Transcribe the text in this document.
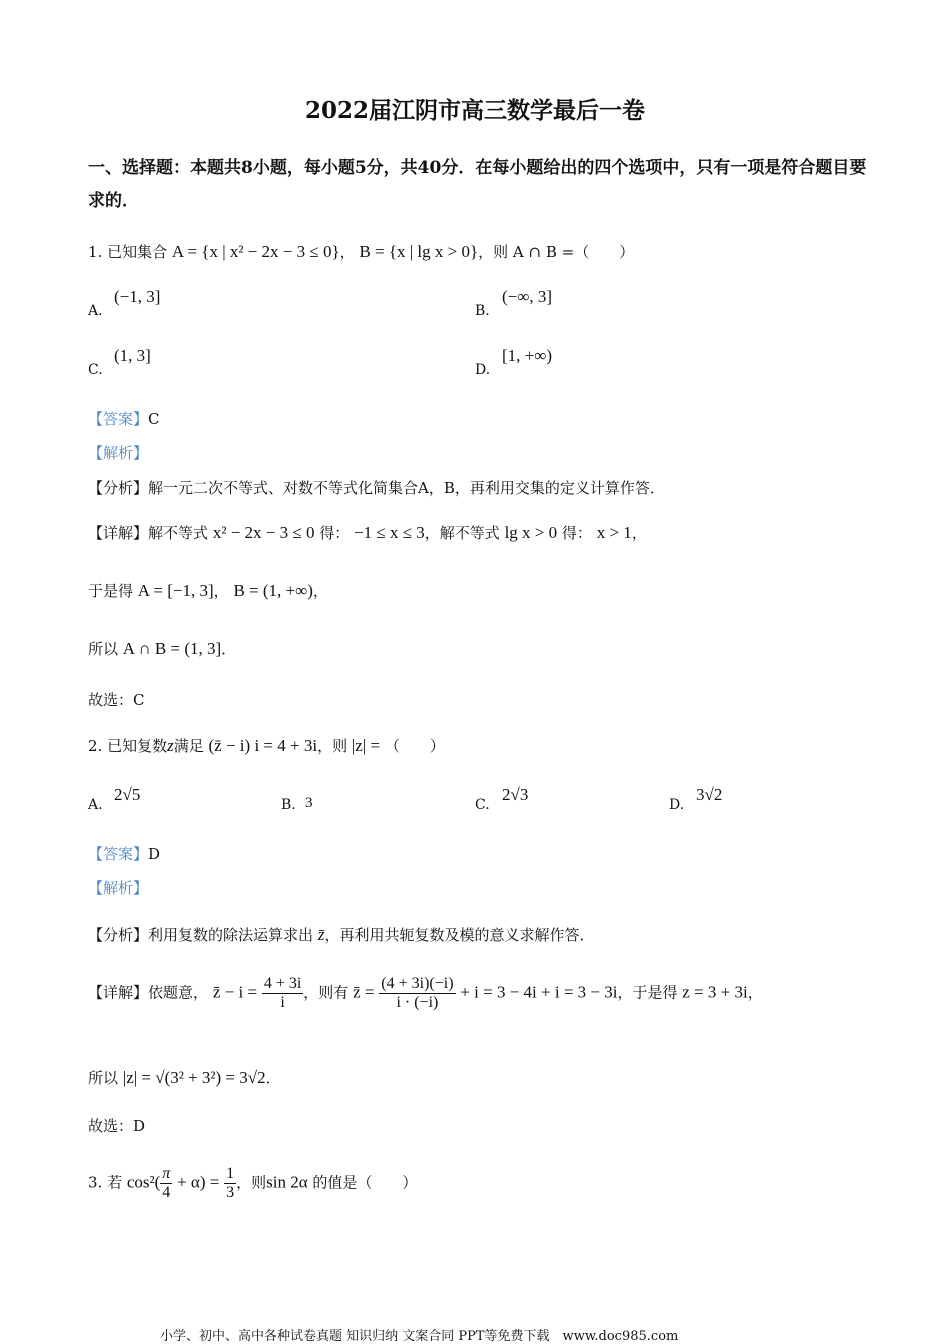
2022届江阴市高三数学最后一卷
一、选择题：本题共8小题，每小题5分，共40分．在每小题给出的四个选项中，只有一项是符合题目要求的．
1. 已知集合 A = {x | x² − 2x − 3 ≤ 0}， B = {x | lg x > 0}，则 A ∩ B =（　　）
A.
(−1, 3]
B.
(−∞, 3]
C.
(1, 3]
D.
[1, +∞)
【答案】C
【解析】
【分析】解一元二次不等式、对数不等式化简集合A，B，再利用交集的定义计算作答．
【详解】解不等式 x² − 2x − 3 ≤ 0 得： −1 ≤ x ≤ 3，解不等式 lg x > 0 得： x > 1，
于是得 A = [−1, 3]， B = (1, +∞)，
所以 A ∩ B = (1, 3]．
故选：C
2. 已知复数z满足 (z̄ − i) i = 4 + 3i，则 |z| = （　　）
A.
2√5
B. 3	C.
2√3
D.
3√2
【答案】D
【解析】
【分析】利用复数的除法运算求出 z̄，再利用共轭复数及模的意义求解作答．
【详解】依题意， z̄ − $i = \frac{4 + 3i}{i}$ ，则有 z̄ = $\frac{(4 + 3i)(-i)}{i \cdot (-i)} + i = 3 - 4i + i = 3 - 3i$，于是得 z = 3 + 3i，
所以 |z| = √(3² + 3²) = 3√2．
故选：D
3. 若 $\cos^2( \frac{\pi}{4} + \alpha) = \frac{1}{3}$ ，则sin 2α 的值是（　　）
小学、初中、高中各种试卷真题 知识归纳 文案合同 PPT等免费下载　www.doc985.com
